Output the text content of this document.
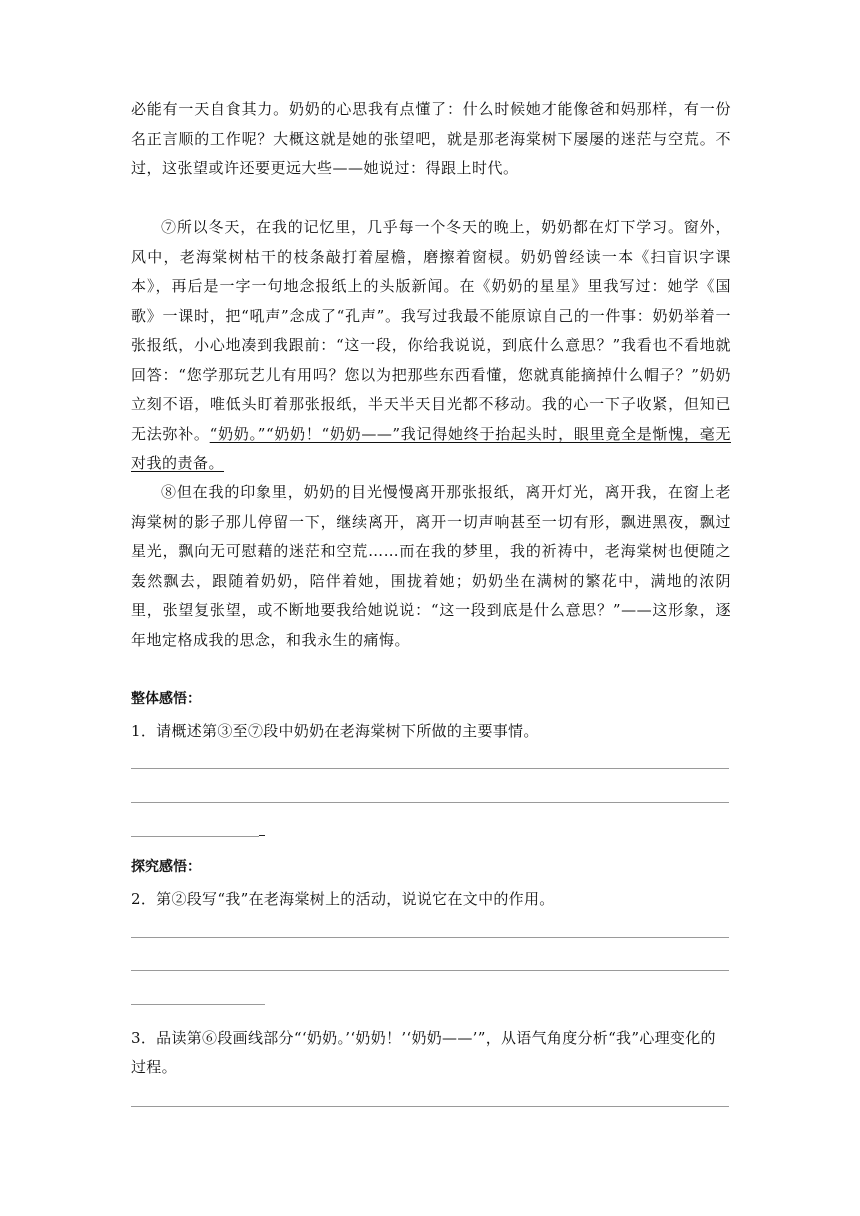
必能有一天自食其力。奶奶的心思我有点懂了：什么时候她才能像爸和妈那样，有一份名正言顺的工作呢？大概这就是她的张望吧，就是那老海棠树下屡屡的迷茫与空荒。不过，这张望或许还要更远大些——她说过：得跟上时代。

⑦所以冬天，在我的记忆里，几乎每一个冬天的晚上，奶奶都在灯下学习。窗外，风中，老海棠树枯干的枝条敲打着屋檐，磨擦着窗棂。奶奶曾经读一本《扫盲识字课本》，再后是一字一句地念报纸上的头版新闻。在《奶奶的星星》里我写过：她学《国歌》一课时，把“吼声”念成了“孔声”。我写过我最不能原谅自己的一件事：奶奶举着一张报纸，小心地凑到我跟前：“这一段，你给我说说，到底什么意思？”我看也不看地就回答：“您学那玩艺儿有用吗？您以为把那些东西看懂，您就真能摘掉什么帽子？”奶奶立刻不语，唯低头盯着那张报纸，半天半天目光都不移动。我的心一下子收紧，但知已无法弥补。“奶奶。”“奶奶！“奶奶——”我记得她终于抬起头时，眼里竟全是惭愧，毫无对我的责备。

⑧但在我的印象里，奶奶的目光慢慢离开那张报纸，离开灯光，离开我，在窗上老海棠树的影子那儿停留一下，继续离开，离开一切声响甚至一切有形，飘进黑夜，飘过星光，飘向无可慰藉的迷茫和空荒……而在我的梦里，我的祈祷中，老海棠树也便随之轰然飘去，跟随着奶奶，陪伴着她，围拢着她；奶奶坐在满树的繁花中，满地的浓阴里，张望复张望，或不断地要我给她说说：“这一段到底是什么意思？”——这形象，逐年地定格成我的思念，和我永生的痛悔。

整体感悟：

1．请概述第③至⑦段中奶奶在老海棠树下所做的主要事情。

探究感悟：

2．第②段写“我”在老海棠树上的活动，说说它在文中的作用。

3．品读第⑥段画线部分“‘奶奶。’‘奶奶！’‘奶奶——’”，从语气角度分析“我”心理变化的过程。
